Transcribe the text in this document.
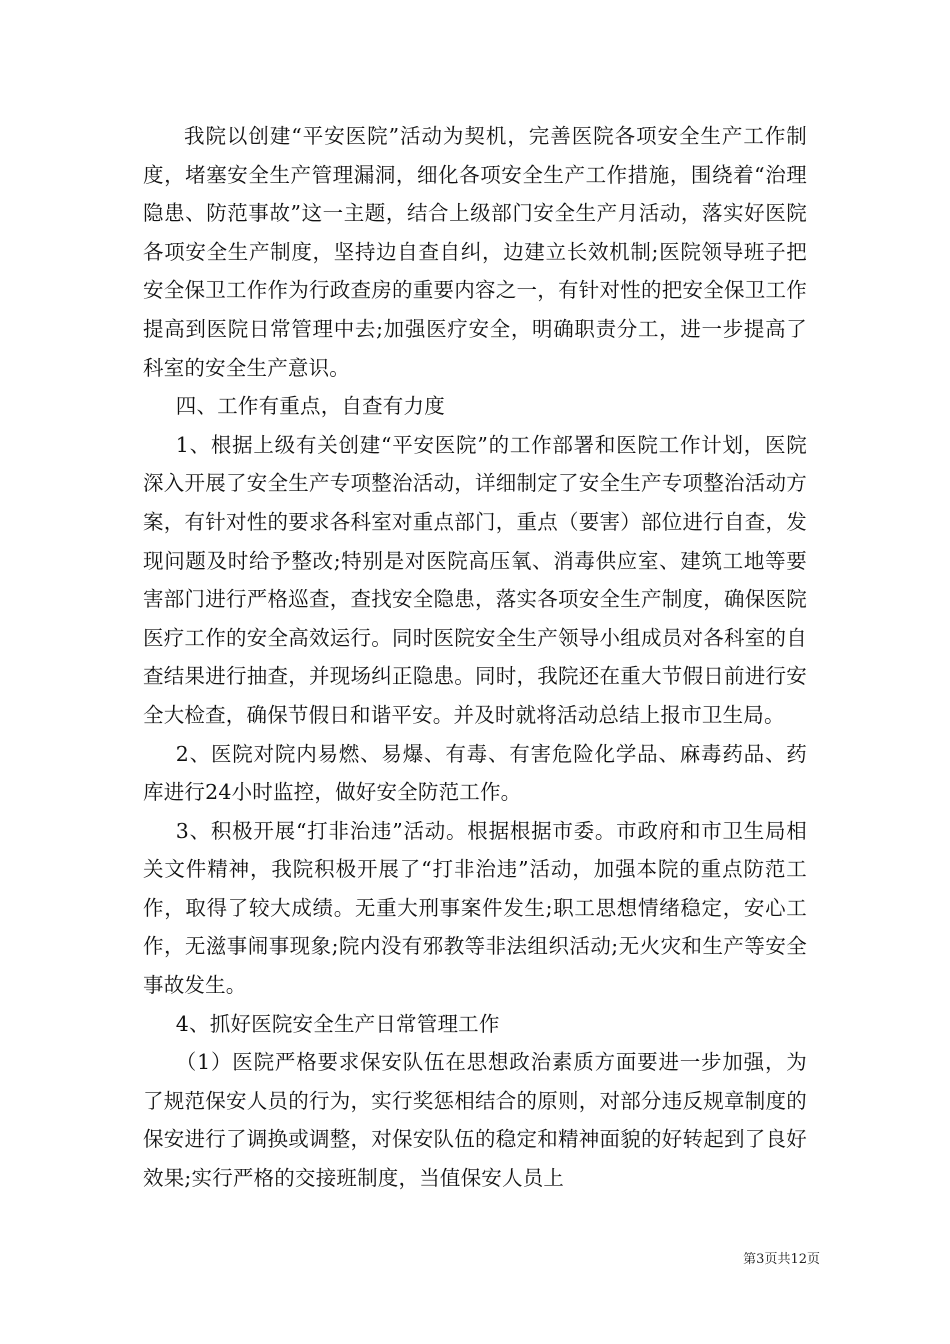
我院以创建“平安医院”活动为契机，完善医院各项安全生产工作制度，堵塞安全生产管理漏洞，细化各项安全生产工作措施，围绕着“治理隐患、防范事故”这一主题，结合上级部门安全生产月活动，落实好医院各项安全生产制度，坚持边自查自纠，边建立长效机制;医院领导班子把安全保卫工作作为行政查房的重要内容之一，有针对性的把安全保卫工作提高到医院日常管理中去;加强医疗安全，明确职责分工，进一步提高了科室的安全生产意识。

四、工作有重点，自查有力度

1、根据上级有关创建“平安医院”的工作部署和医院工作计划，医院深入开展了安全生产专项整治活动，详细制定了安全生产专项整治活动方案，有针对性的要求各科室对重点部门，重点（要害）部位进行自查，发现问题及时给予整改;特别是对医院高压氧、消毒供应室、建筑工地等要害部门进行严格巡查，查找安全隐患，落实各项安全生产制度，确保医院医疗工作的安全高效运行。同时医院安全生产领导小组成员对各科室的自查结果进行抽查，并现场纠正隐患。同时，我院还在重大节假日前进行安全大检查，确保节假日和谐平安。并及时就将活动总结上报市卫生局。

2、医院对院内易燃、易爆、有毒、有害危险化学品、麻毒药品、药库进行24小时监控，做好安全防范工作。

3、积极开展“打非治违”活动。根据根据市委。市政府和市卫生局相关文件精神，我院积极开展了“打非治违”活动，加强本院的重点防范工作，取得了较大成绩。无重大刑事案件发生;职工思想情绪稳定，安心工作，无滋事闹事现象;院内没有邪教等非法组织活动;无火灾和生产等安全事故发生。

4、抓好医院安全生产日常管理工作

（1）医院严格要求保安队伍在思想政治素质方面要进一步加强，为了规范保安人员的行为，实行奖惩相结合的原则，对部分违反规章制度的保安进行了调换或调整，对保安队伍的稳定和精神面貌的好转起到了良好效果;实行严格的交接班制度，当值保安人员上

第3页共12页
